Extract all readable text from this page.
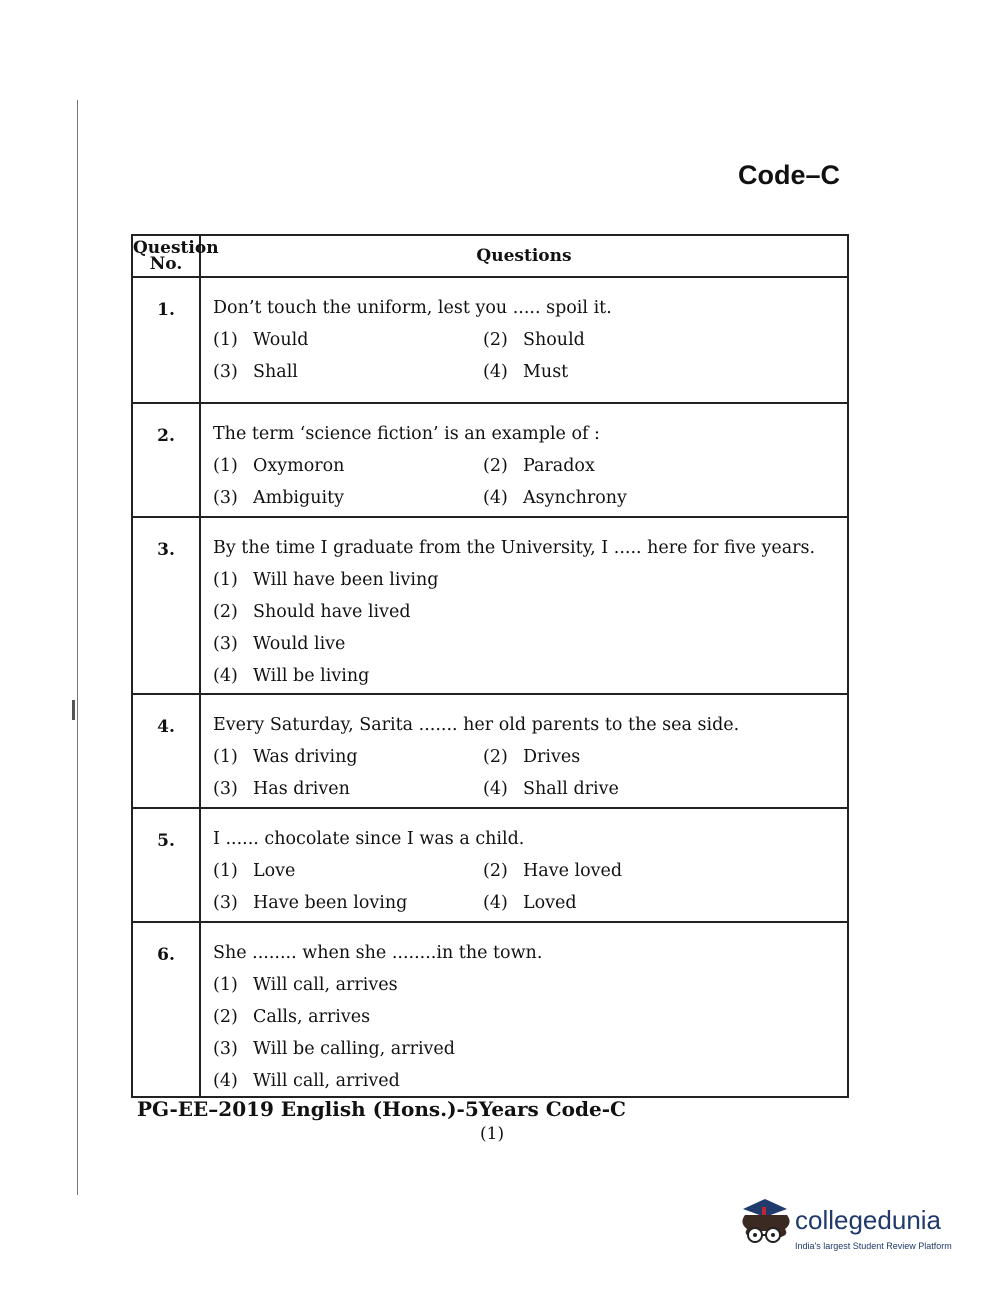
Code–C
Question
No.	Questions
1.	Don’t touch the uniform, lest you ..... spoil it.
(1) Would (2) Should
(3) Shall (4) Must

2.	The term ‘science fiction’ is an example of :
(1) Oxymoron (2) Paradox
(3) Ambiguity (4) Asynchrony

3.	By the time I graduate from the University, I ..... here for five years.
(1) Will have been living
(2) Should have lived
(3) Would live
(4) Will be living

4.	Every Saturday, Sarita ....... her old parents to the sea side.
(1) Was driving (2) Drives
(3) Has driven (4) Shall drive

5.	I ...... chocolate since I was a child.
(1) Love (2) Have loved
(3) Have been loving (4) Loved

6.	She ........ when she ........in the town.
(1) Will call, arrives
(2) Calls, arrives
(3) Will be calling, arrived
(4) Will call, arrived
PG-EE–2019 English (Hons.)-5Years Code-C
(1)
collegedunia
India's largest Student Review Platform
